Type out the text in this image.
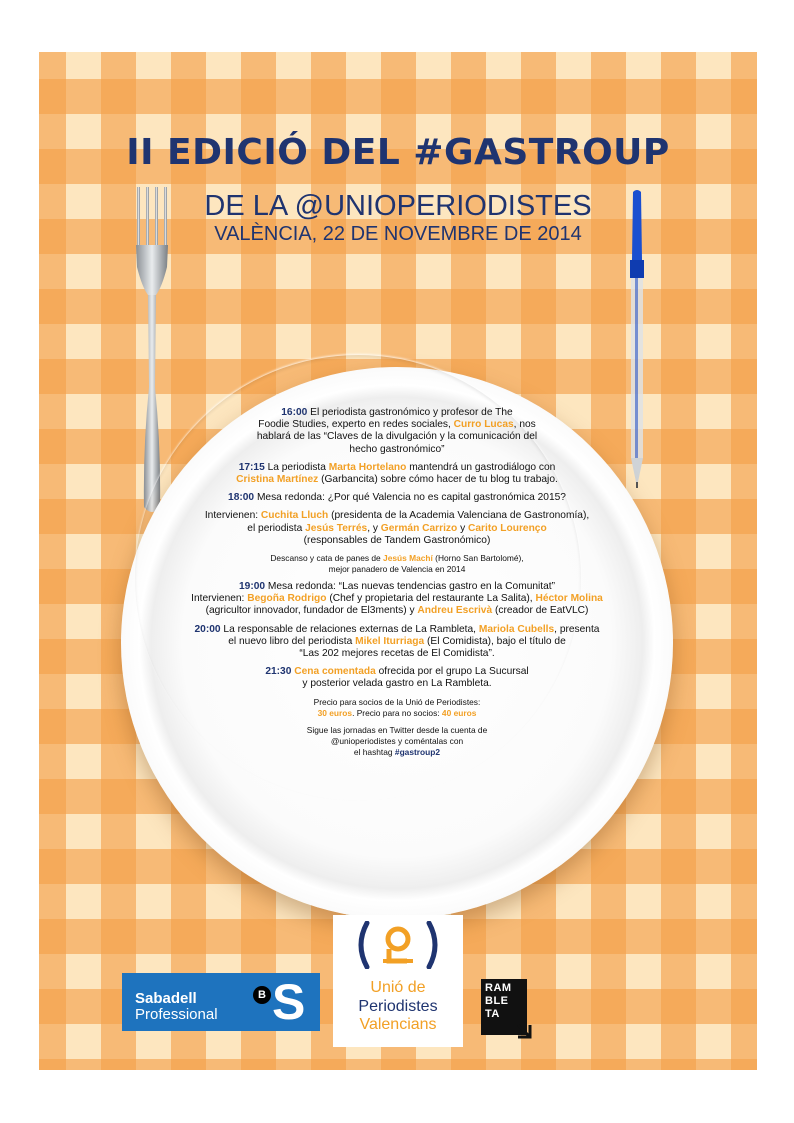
II EDICIÓ DEL #GASTROUP
DE LA @UNIOPERIODISTES
VALÈNCIA, 22 DE NOVEMBRE DE 2014

16:00 El periodista gastronómico y profesor de The
Foodie Studies, experto en redes sociales, Curro Lucas, nos
hablará de las “Claves de la divulgación y la comunicación del
hecho gastronómico”

17:15 La periodista Marta Hortelano mantendrá un gastrodiálogo con
Cristina Martínez (Garbancita) sobre cómo hacer de tu blog tu trabajo.

18:00 Mesa redonda: ¿Por qué Valencia no es capital gastronómica 2015?

Intervienen: Cuchita Lluch (presidenta de la Academia Valenciana de Gastronomía),
el periodista Jesús Terrés, y Germán Carrizo y Carito Lourenço
(responsables de Tandem Gastronómico)

Descanso y cata de panes de Jesús Machí (Horno San Bartolomé),
mejor panadero de Valencia en 2014

19:00 Mesa redonda: “Las nuevas tendencias gastro en la Comunitat”
Intervienen: Begoña Rodrigo (Chef y propietaria del restaurante La Salita), Héctor Molina
(agricultor innovador, fundador de El3ments) y Andreu Escrivà (creador de EatVLC)

20:00 La responsable de relaciones externas de La Rambleta, Mariola Cubells, presenta
el nuevo libro del periodista Mikel Iturriaga (El Comidista), bajo el título de
“Las 202 mejores recetas de El Comidista”.

21:30 Cena comentada ofrecida por el grupo La Sucursal
y posterior velada gastro en La Rambleta.

Precio para socios de la Unió de Periodistes:
30 euros. Precio para no socios: 40 euros

Sigue las jornadas en Twitter desde la cuenta de
@unioperiodistes y coméntalas con
el hashtag #gastroup2

Sabadell
Professional
B S	Unió de
Periodistes
Valencians
RAM
BLE
TA
